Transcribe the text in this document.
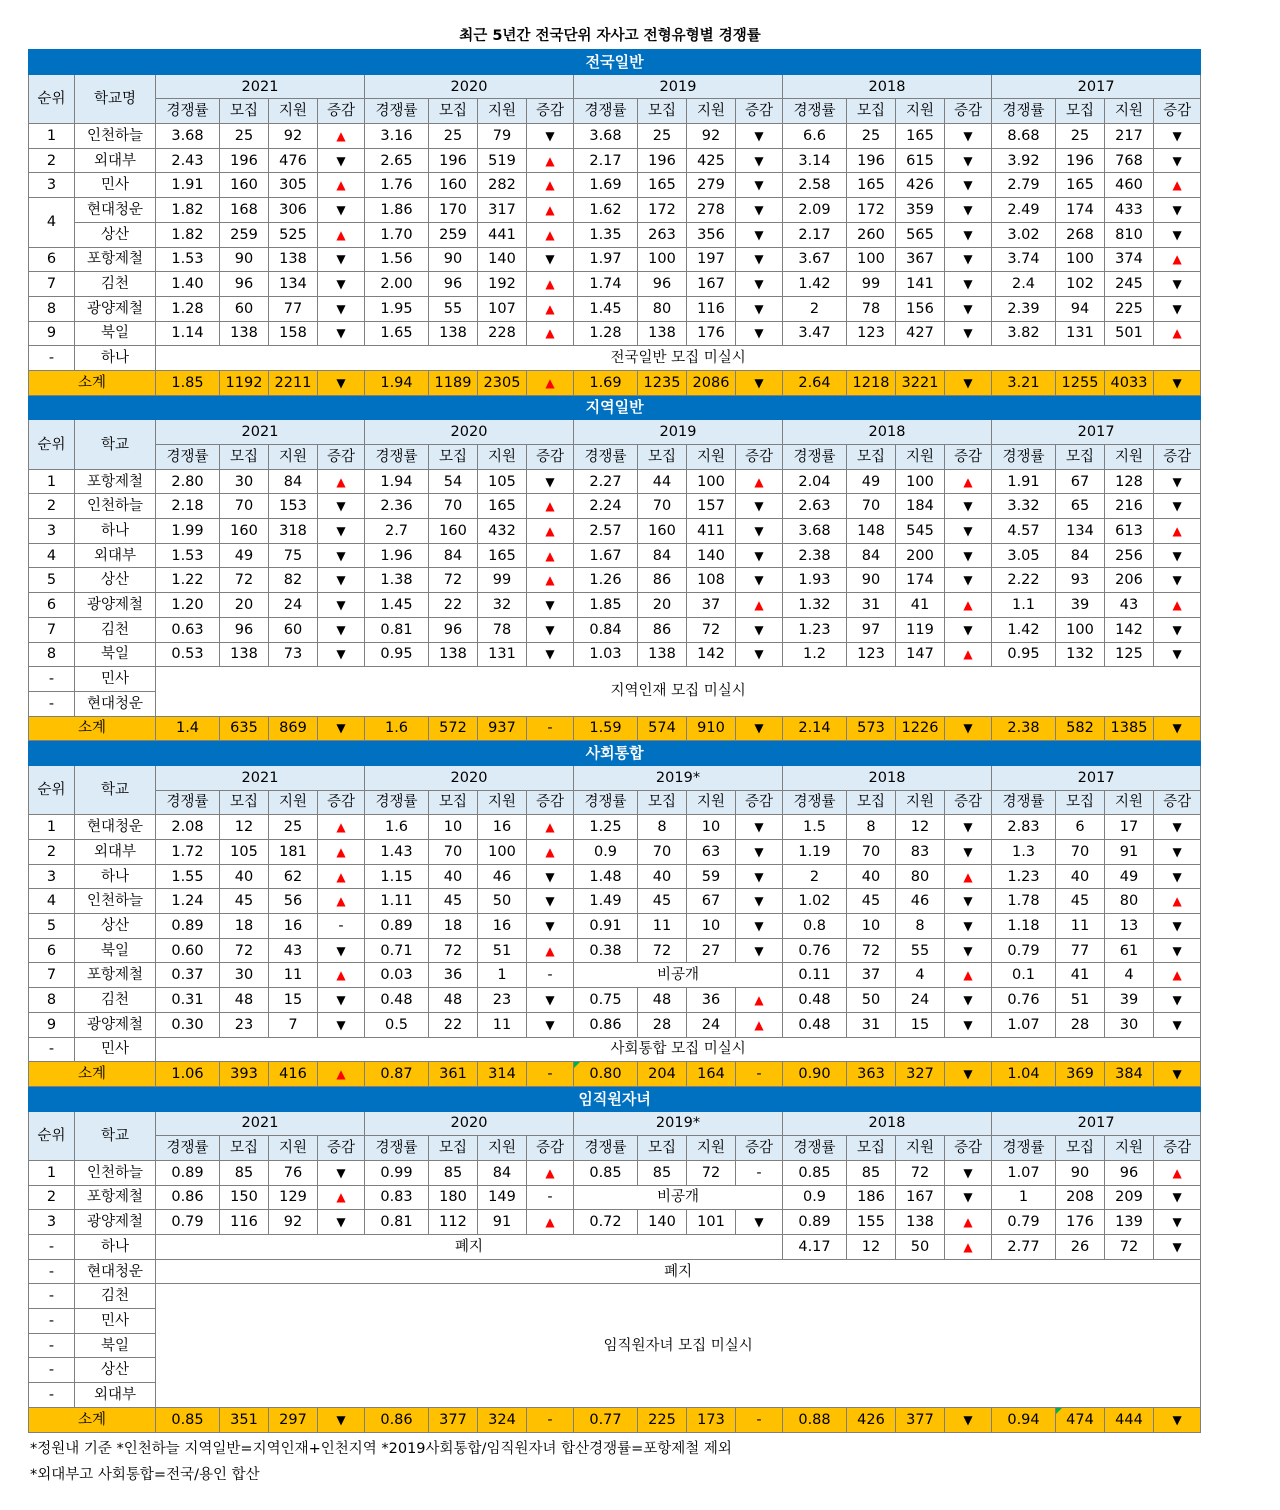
최근 5년간 전국단위 자사고 전형유형별 경쟁률
전국일반																					
순위	학교명	2021				2020				2019				2018				2017			
		경쟁률	모집	지원	증감	경쟁률	모집	지원	증감	경쟁률	모집	지원	증감	경쟁률	모집	지원	증감	경쟁률	모집	지원	증감
1	인천하늘	3.68	25	92	▲	3.16	25	79	▼	3.68	25	92	▼	6.6	25	165	▼	8.68	25	217	▼
2	외대부	2.43	196	476	▼	2.65	196	519	▲	2.17	196	425	▼	3.14	196	615	▼	3.92	196	768	▼
3	민사	1.91	160	305	▲	1.76	160	282	▲	1.69	165	279	▼	2.58	165	426	▼	2.79	165	460	▲
4	현대청운	1.82	168	306	▼	1.86	170	317	▲	1.62	172	278	▼	2.09	172	359	▼	2.49	174	433	▼
	상산	1.82	259	525	▲	1.70	259	441	▲	1.35	263	356	▼	2.17	260	565	▼	3.02	268	810	▼
6	포항제철	1.53	90	138	▼	1.56	90	140	▼	1.97	100	197	▼	3.67	100	367	▼	3.74	100	374	▲
7	김천	1.40	96	134	▼	2.00	96	192	▲	1.74	96	167	▼	1.42	99	141	▼	2.4	102	245	▼
8	광양제철	1.28	60	77	▼	1.95	55	107	▲	1.45	80	116	▼	2	78	156	▼	2.39	94	225	▼
9	북일	1.14	138	158	▼	1.65	138	228	▲	1.28	138	176	▼	3.47	123	427	▼	3.82	131	501	▲
-	하나	전국일반 모집 미실시																			
소계		1.85	1192	2211	▼	1.94	1189	2305	▲	1.69	1235	2086	▼	2.64	1218	3221	▼	3.21	1255	4033	▼
지역일반																					
순위	학교	2021				2020				2019				2018				2017			
		경쟁률	모집	지원	증감	경쟁률	모집	지원	증감	경쟁률	모집	지원	증감	경쟁률	모집	지원	증감	경쟁률	모집	지원	증감
1	포항제철	2.80	30	84	▲	1.94	54	105	▼	2.27	44	100	▲	2.04	49	100	▲	1.91	67	128	▼
2	인천하늘	2.18	70	153	▼	2.36	70	165	▲	2.24	70	157	▼	2.63	70	184	▼	3.32	65	216	▼
3	하나	1.99	160	318	▼	2.7	160	432	▲	2.57	160	411	▼	3.68	148	545	▼	4.57	134	613	▲
4	외대부	1.53	49	75	▼	1.96	84	165	▲	1.67	84	140	▼	2.38	84	200	▼	3.05	84	256	▼
5	상산	1.22	72	82	▼	1.38	72	99	▲	1.26	86	108	▼	1.93	90	174	▼	2.22	93	206	▼
6	광양제철	1.20	20	24	▼	1.45	22	32	▼	1.85	20	37	▲	1.32	31	41	▲	1.1	39	43	▲
7	김천	0.63	96	60	▼	0.81	96	78	▼	0.84	86	72	▼	1.23	97	119	▼	1.42	100	142	▼
8	북일	0.53	138	73	▼	0.95	138	131	▼	1.03	138	142	▼	1.2	123	147	▲	0.95	132	125	▼
-	민사	지역인재 모집 미실시																			
-	현대청운																				
소계		1.4	635	869	▼	1.6	572	937	-	1.59	574	910	▼	2.14	573	1226	▼	2.38	582	1385	▼
사회통합																					
순위	학교	2021				2020				2019*				2018				2017			
		경쟁률	모집	지원	증감	경쟁률	모집	지원	증감	경쟁률	모집	지원	증감	경쟁률	모집	지원	증감	경쟁률	모집	지원	증감
1	현대청운	2.08	12	25	▲	1.6	10	16	▲	1.25	8	10	▼	1.5	8	12	▼	2.83	6	17	▼
2	외대부	1.72	105	181	▲	1.43	70	100	▲	0.9	70	63	▼	1.19	70	83	▼	1.3	70	91	▼
3	하나	1.55	40	62	▲	1.15	40	46	▼	1.48	40	59	▼	2	40	80	▲	1.23	40	49	▼
4	인천하늘	1.24	45	56	▲	1.11	45	50	▼	1.49	45	67	▼	1.02	45	46	▼	1.78	45	80	▲
5	상산	0.89	18	16	-	0.89	18	16	▼	0.91	11	10	▼	0.8	10	8	▼	1.18	11	13	▼
6	북일	0.60	72	43	▼	0.71	72	51	▲	0.38	72	27	▼	0.76	72	55	▼	0.79	77	61	▼
7	포항제철	0.37	30	11	▲	0.03	36	1	-	비공개				0.11	37	4	▲	0.1	41	4	▲
8	김천	0.31	48	15	▼	0.48	48	23	▼	0.75	48	36	▲	0.48	50	24	▼	0.76	51	39	▼
9	광양제철	0.30	23	7	▼	0.5	22	11	▼	0.86	28	24	▲	0.48	31	15	▼	1.07	28	30	▼
-	민사	사회통합 모집 미실시																			
소계		1.06	393	416	▲	0.87	361	314	-	0.80	204	164	-	0.90	363	327	▼	1.04	369	384	▼
임직원자녀																					
순위	학교	2021				2020				2019*				2018				2017			
		경쟁률	모집	지원	증감	경쟁률	모집	지원	증감	경쟁률	모집	지원	증감	경쟁률	모집	지원	증감	경쟁률	모집	지원	증감
1	인천하늘	0.89	85	76	▼	0.99	85	84	▲	0.85	85	72	-	0.85	85	72	▼	1.07	90	96	▲
2	포항제철	0.86	150	129	▲	0.83	180	149	-	비공개				0.9	186	167	▼	1	208	209	▼
3	광양제철	0.79	116	92	▼	0.81	112	91	▲	0.72	140	101	▼	0.89	155	138	▲	0.79	176	139	▼
-	하나	폐지												4.17	12	50	▲	2.77	26	72	▼
-	현대청운	폐지																			
-	김천	임직원자녀 모집 미실시																			
-	민사																				
-	북일																				
-	상산																				
-	외대부																				
소계		0.85	351	297	▼	0.86	377	324	-	0.77	225	173	-	0.88	426	377	▼	0.94	474	444	▼
*정원내 기준 *인천하늘 지역일반=지역인재+인천지역 *2019사회통합/임직원자녀 합산경쟁률=포항제철 제외
*외대부고 사회통합=전국/용인 합산
